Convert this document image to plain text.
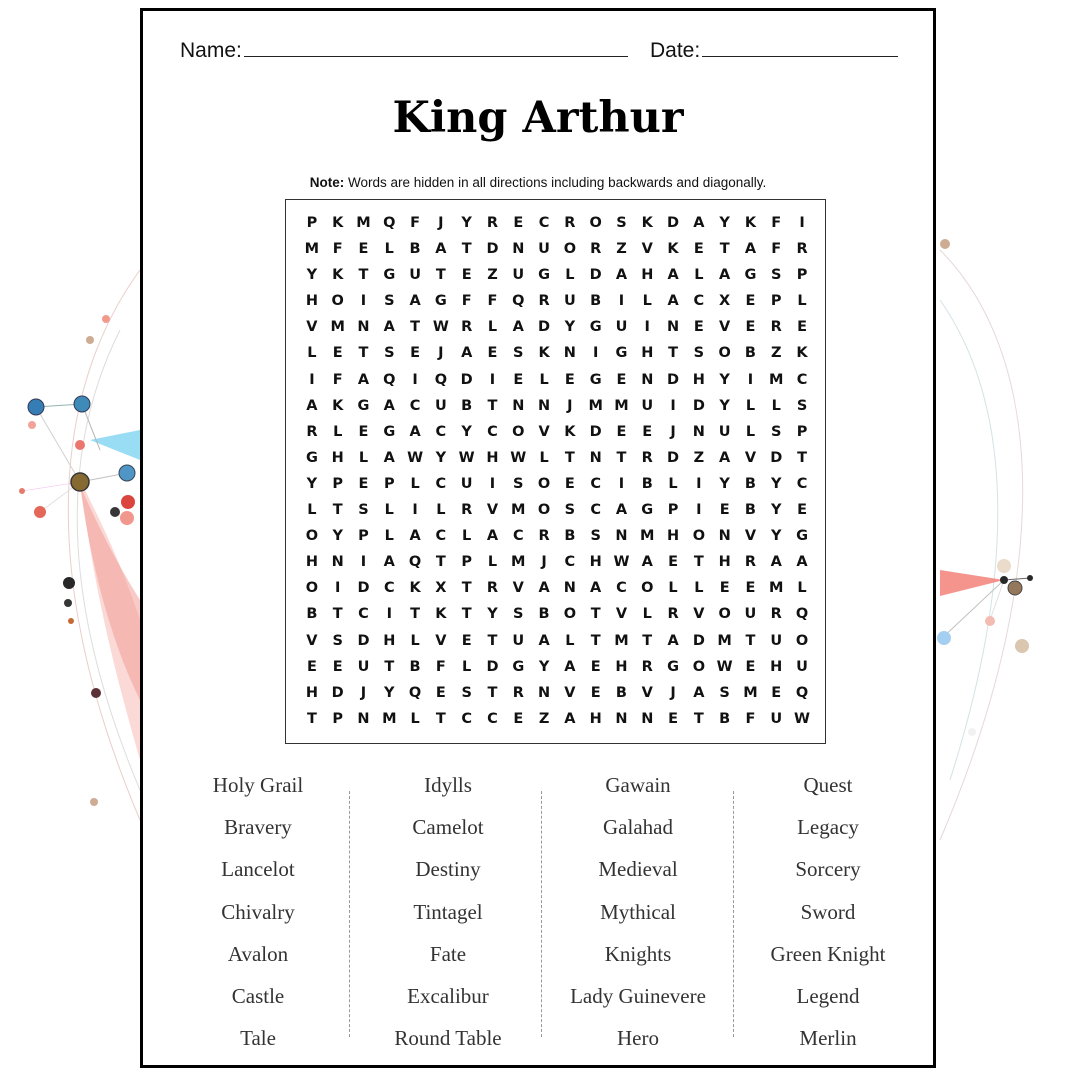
Name:	Date:
King Arthur
Note: Words are hidden in all directions including backwards and diagonally.
P	K M Q	F	J	Y	R	E	C	R O S	K D A	Y	K	F	I
M F	E	L	B	A	T	D N U O R	Z	V	K	E	T	A	F	R
Y	K	T	G U	T	E	Z	U G	L	D A H A	L	A G	S	P
H O	I	S	A G	F	F	Q R U B	I	L	A	C	X	E	P	L
V M N A	T W R	L	A D	Y	G U	I	N	E	V	E	R	E
L	E	T	S	E	J	A	E	S	K N	I	G H	T	S O B	Z	K
I	F	A Q	I	Q D	I	E	L	E	G	E	N D H Y	I	M C
A	K G A	C	U B	T	N N	J	M M U	I	D	Y	L	L	S
R	L	E	G A	C	Y	C O V	K D	E	E	J	N U	L	S	P
G H	L	A W Y W H W L	T	N	T	R D	Z	A	V D	T
Y	P	E	P	L	C	U	I	S O	E	C	I	B	L	I	Y	B	Y	C
L	T	S	L	I	L	R	V M O S	C	A G	P	I	E	B	Y	E
O Y	P	L	A	C	L	A	C	R	B	S	N M H O N V	Y	G
H N	I	A Q	T	P	L M	J	C H W A	E	T	H R	A	A
O	I	D C	K	X	T	R	V	A N A	C O	L	L	E	E M L
B	T	C	I	T	K	T	Y	S	B O	T	V	L	R	V O U R Q
V	S	D H	L	V	E	T	U A	L	T M T	A D M T	U O
E	E	U	T	B	F	L	D G	Y	A	E	H R G O W E	H U
H D	J	Y Q	E	S	T	R N V	E	B	V	J	A	S M E	Q
T	P N M L	T	C	C	E	Z	A H N N	E	T	B	F	U W
Holy Grail
Bravery
Lancelot
Chivalry
Avalon
Castle
Tale
Idylls
Camelot
Destiny
Tintagel
Fate
Excalibur
Round Table
Gawain
Galahad
Medieval
Mythical
Knights
Lady Guinevere
Hero
Quest
Legacy
Sorcery
Sword
Green Knight
Legend
Merlin
